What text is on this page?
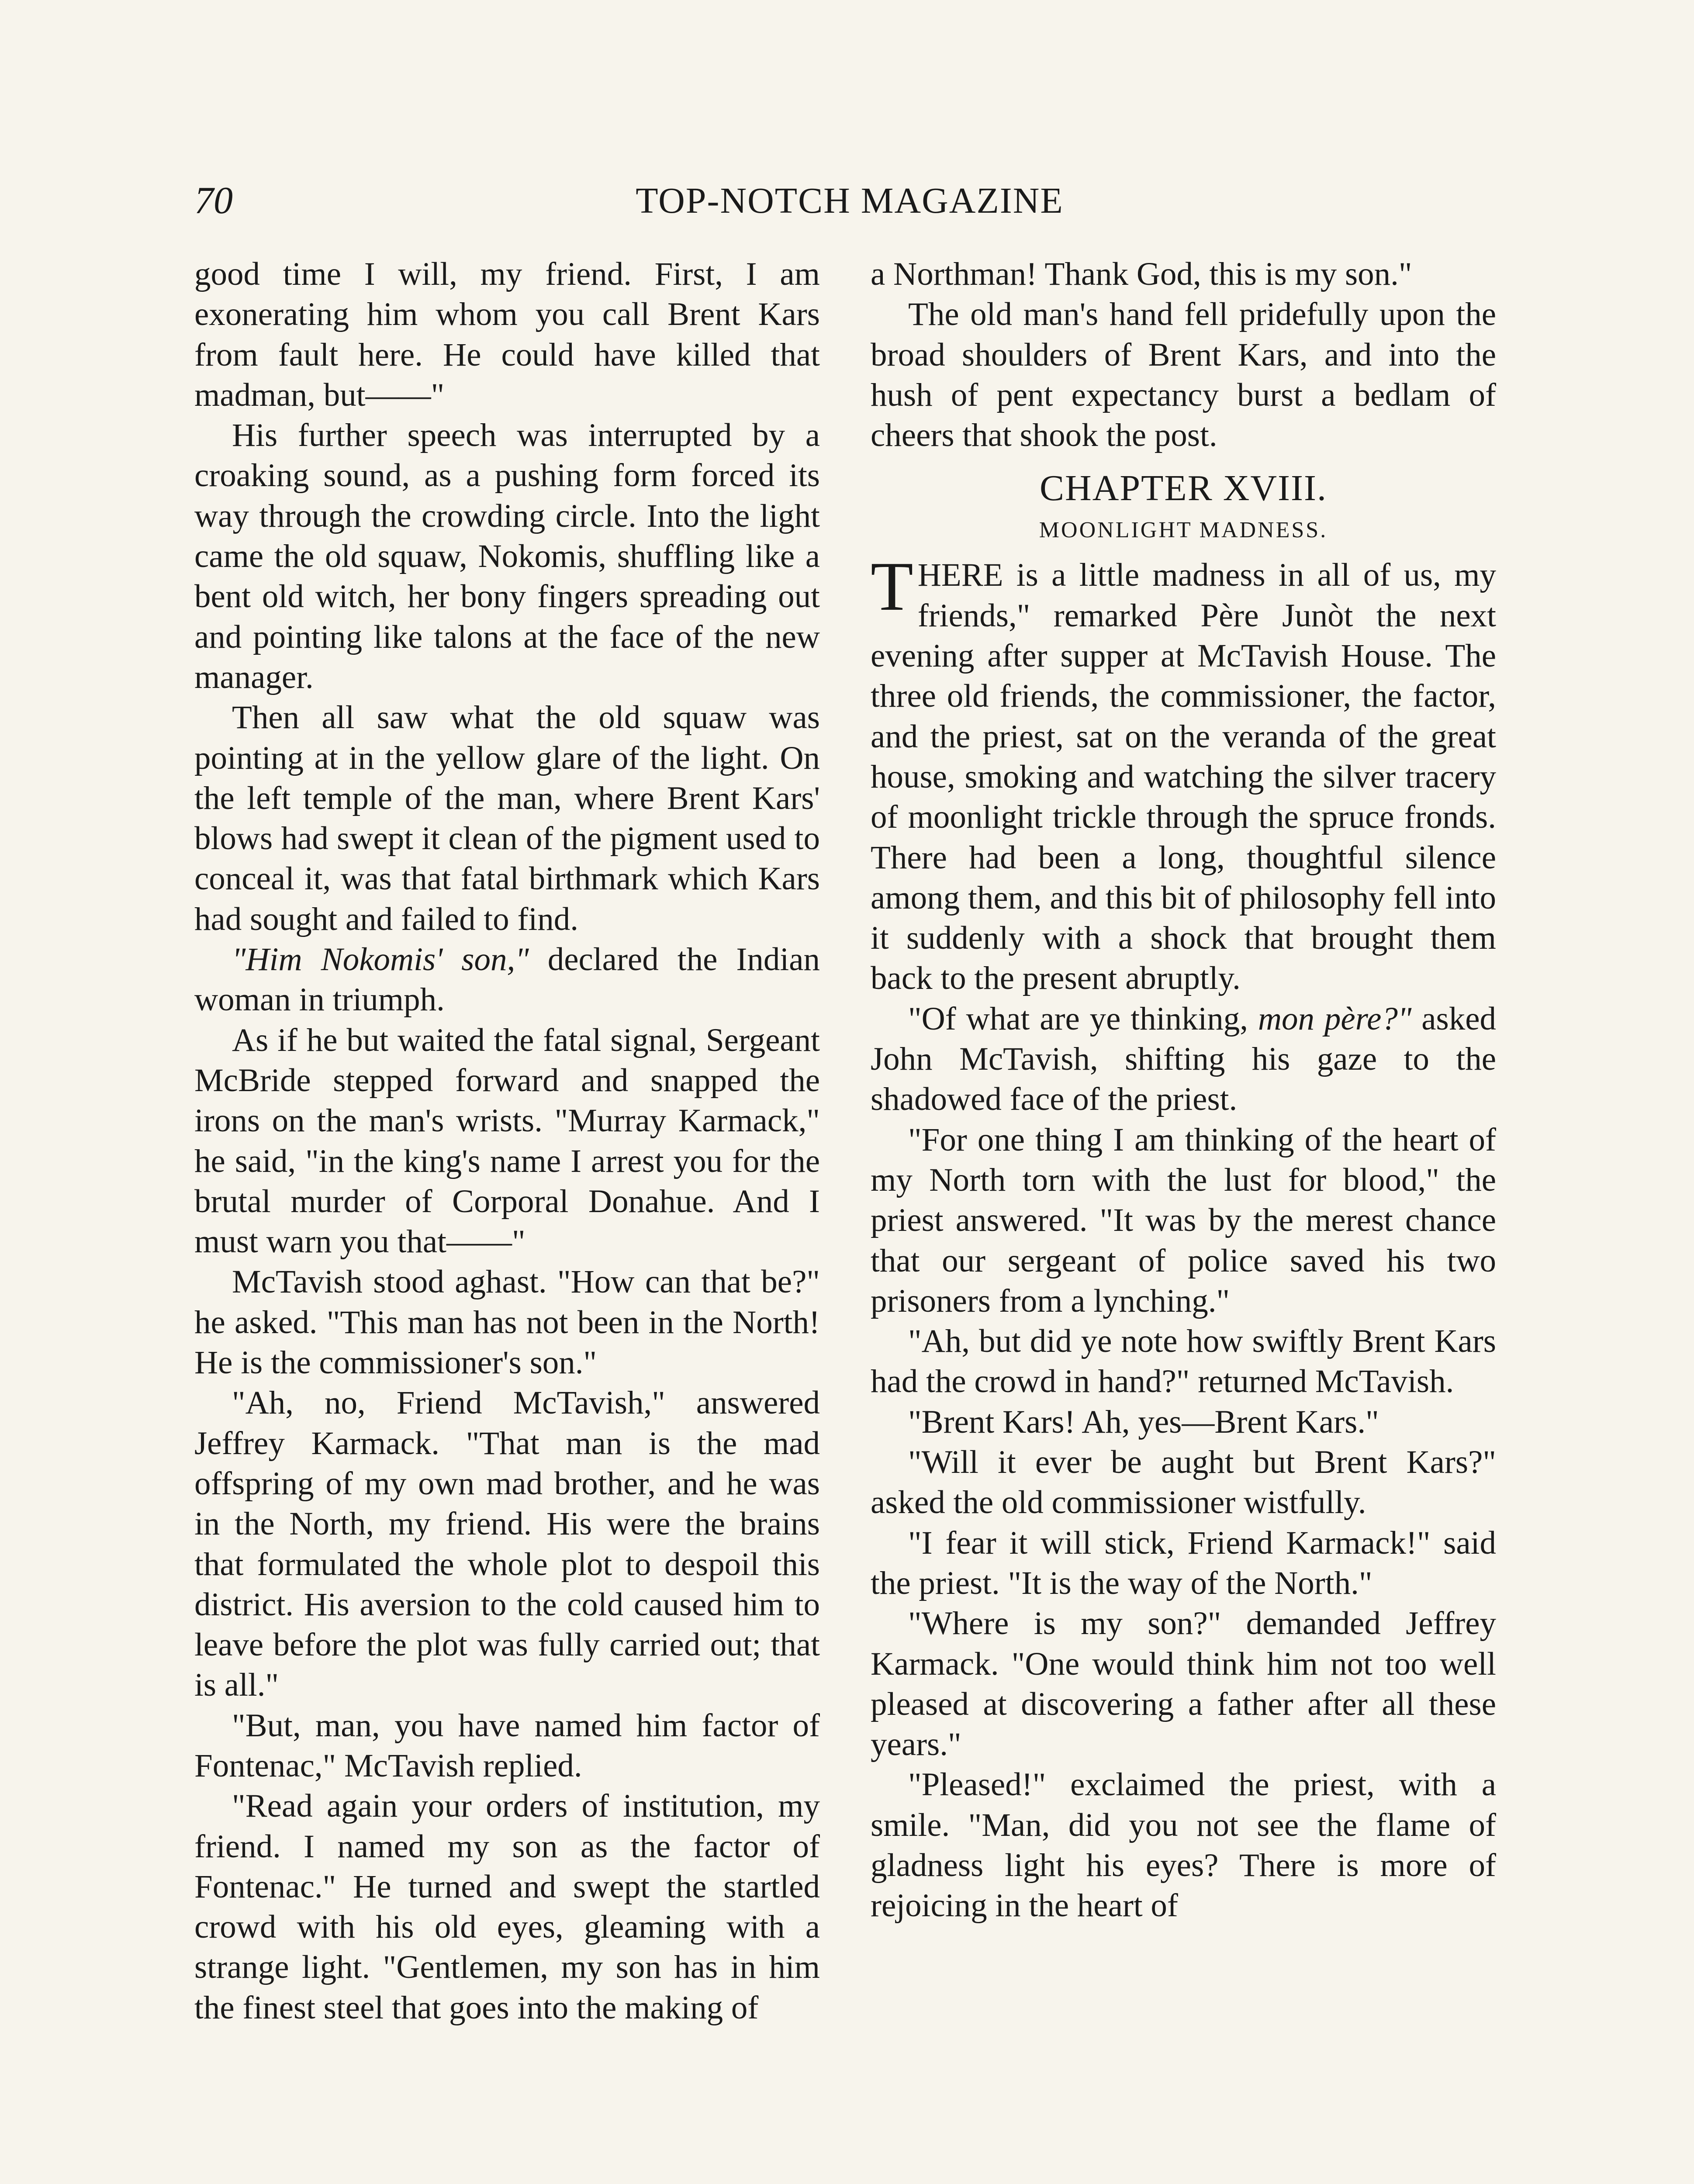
70	TOP-NOTCH MAGAZINE

good time I will, my friend. First, I am exonerating him whom you call Brent Kars from fault here. He could have killed that madman, but——"

His further speech was interrupted by a croaking sound, as a pushing form forced its way through the crowding circle. Into the light came the old squaw, Nokomis, shuffling like a bent old witch, her bony fingers spreading out and pointing like talons at the face of the new manager.

Then all saw what the old squaw was pointing at in the yellow glare of the light. On the left temple of the man, where Brent Kars' blows had swept it clean of the pigment used to conceal it, was that fatal birthmark which Kars had sought and failed to find.

"Him Nokomis' son," declared the Indian woman in triumph.

As if he but waited the fatal signal, Sergeant McBride stepped forward and snapped the irons on the man's wrists. "Murray Karmack," he said, "in the king's name I arrest you for the brutal murder of Corporal Donahue. And I must warn you that——"

McTavish stood aghast. "How can that be?" he asked. "This man has not been in the North! He is the commissioner's son."

"Ah, no, Friend McTavish," answered Jeffrey Karmack. "That man is the mad offspring of my own mad brother, and he was in the North, my friend. His were the brains that formulated the whole plot to despoil this district. His aversion to the cold caused him to leave before the plot was fully carried out; that is all."

"But, man, you have named him factor of Fontenac," McTavish replied.

"Read again your orders of institution, my friend. I named my son as the factor of Fontenac." He turned and swept the startled crowd with his old eyes, gleaming with a strange light. "Gentlemen, my son has in him the finest steel that goes into the making of

a Northman! Thank God, this is my son."

The old man's hand fell pridefully upon the broad shoulders of Brent Kars, and into the hush of pent expectancy burst a bedlam of cheers that shook the post.

CHAPTER XVIII.
MOONLIGHT MADNESS.

THERE is a little madness in all of us, my friends," remarked Père Junòt the next evening after supper at McTavish House. The three old friends, the commissioner, the factor, and the priest, sat on the veranda of the great house, smoking and watching the silver tracery of moonlight trickle through the spruce fronds. There had been a long, thoughtful silence among them, and this bit of philosophy fell into it suddenly with a shock that brought them back to the present abruptly.

"Of what are ye thinking, mon père?" asked John McTavish, shifting his gaze to the shadowed face of the priest.

"For one thing I am thinking of the heart of my North torn with the lust for blood," the priest answered. "It was by the merest chance that our sergeant of police saved his two prisoners from a lynching."

"Ah, but did ye note how swiftly Brent Kars had the crowd in hand?" returned McTavish.

"Brent Kars! Ah, yes—Brent Kars."

"Will it ever be aught but Brent Kars?" asked the old commissioner wistfully.

"I fear it will stick, Friend Karmack!" said the priest. "It is the way of the North."

"Where is my son?" demanded Jeffrey Karmack. "One would think him not too well pleased at discovering a father after all these years."

"Pleased!" exclaimed the priest, with a smile. "Man, did you not see the flame of gladness light his eyes? There is more of rejoicing in the heart of
